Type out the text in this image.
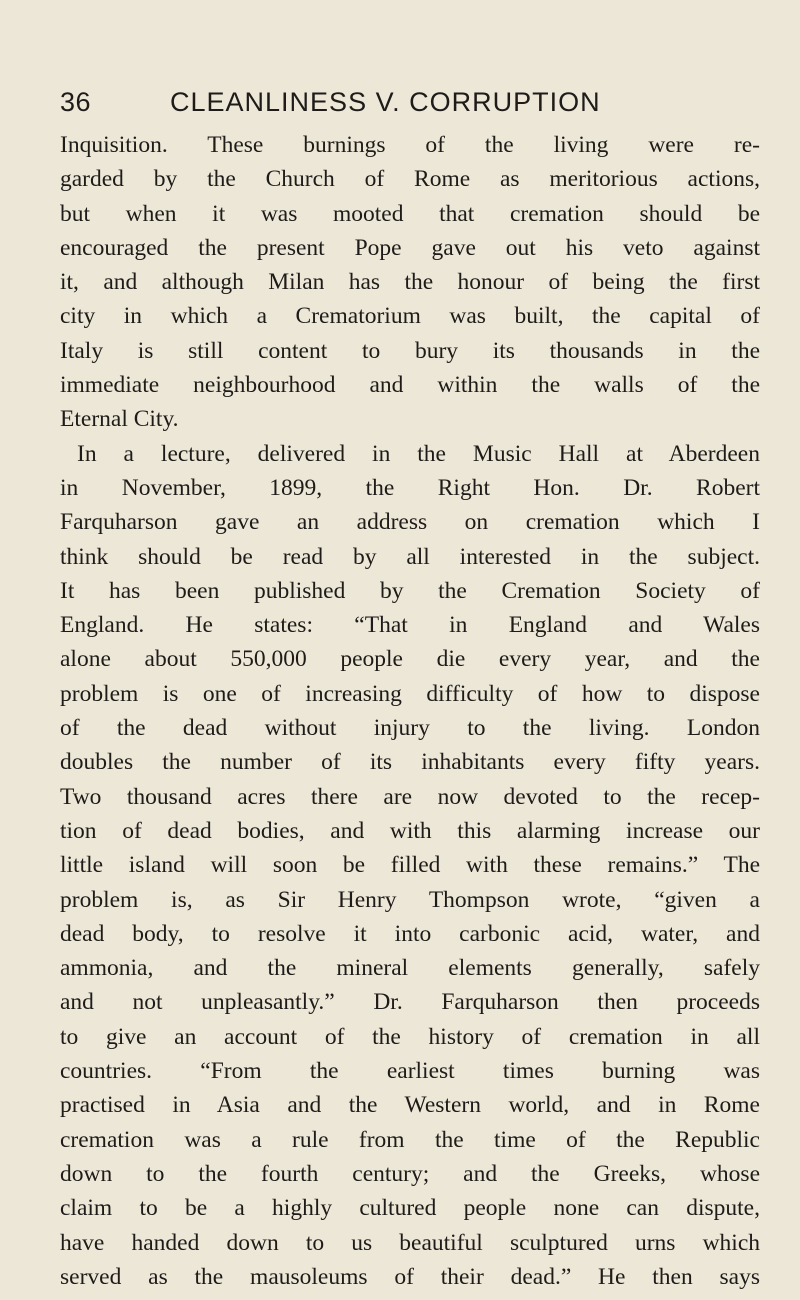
36	CLEANLINESS V. CORRUPTION
Inquisition. These burnings of the living were re-
garded by the Church of Rome as meritorious actions,
but when it was mooted that cremation should be
encouraged the present Pope gave out his veto against
it, and although Milan has the honour of being the first
city in which a Crematorium was built, the capital of
Italy is still content to bury its thousands in the
immediate neighbourhood and within the walls of the
Eternal City.
In a lecture, delivered in the Music Hall at Aberdeen
in November, 1899, the Right Hon. Dr. Robert
Farquharson gave an address on cremation which I
think should be read by all interested in the subject.
It has been published by the Cremation Society of
England. He states: “That in England and Wales
alone about 550,000 people die every year, and the
problem is one of increasing difficulty of how to dispose
of the dead without injury to the living. London
doubles the number of its inhabitants every fifty years.
Two thousand acres there are now devoted to the recep-
tion of dead bodies, and with this alarming increase our
little island will soon be filled with these remains.” The
problem is, as Sir Henry Thompson wrote, “given a
dead body, to resolve it into carbonic acid, water, and
ammonia, and the mineral elements generally, safely
and not unpleasantly.” Dr. Farquharson then proceeds
to give an account of the history of cremation in all
countries. “From the earliest times burning was
practised in Asia and the Western world, and in Rome
cremation was a rule from the time of the Republic
down to the fourth century; and the Greeks, whose
claim to be a highly cultured people none can dispute,
have handed down to us beautiful sculptured urns which
served as the mausoleums of their dead.” He then says
